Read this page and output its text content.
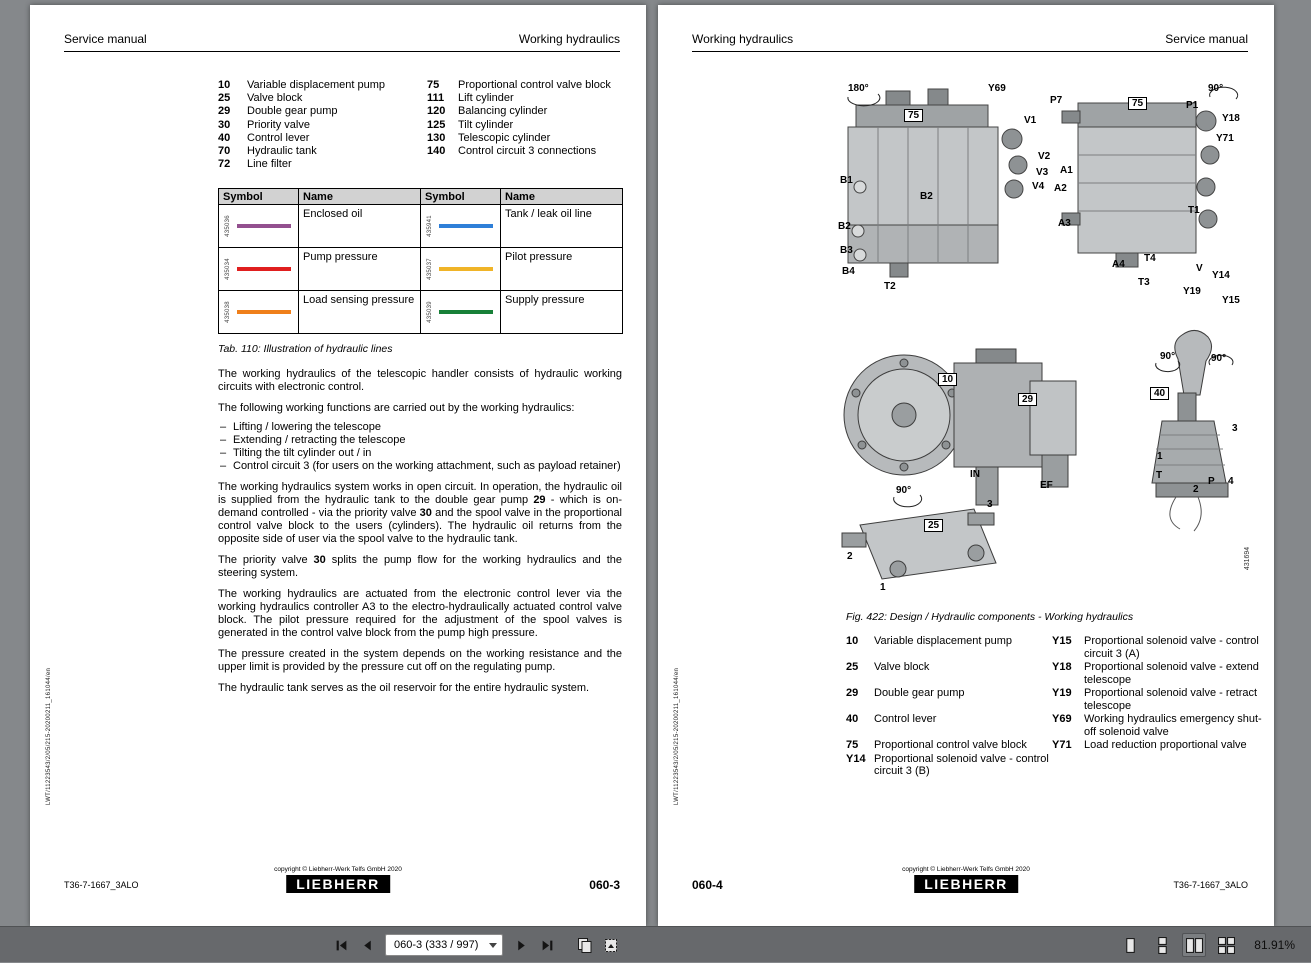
Service manual	Working hydraulics
10	Variable displacement pump	75	Proportional control valve block
25	Valve block	111	Lift cylinder
29	Double gear pump	120	Balancing cylinder
30	Priority valve	125	Tilt cylinder
40	Control lever	130	Telescopic cylinder
70	Hydraulic tank	140	Control circuit 3 connections
72	Line filter
Symbol	Name	Symbol	Name

435036	Enclosed oil	435941	Tank / leak oil line

435034	Pump pressure	435037	Pilot pressure

435038	Load sensing pressure	435039	Supply pressure
Tab. 110: Illustration of hydraulic lines

The working hydraulics of the telescopic handler consists of hydraulic working circuits with electronic control.

The following working functions are carried out by the working hydraulics:

– Lifting / lowering the telescope
– Extending / retracting the telescope
– Tilting the tilt cylinder out / in
– Control circuit 3 (for users on the working attachment, such as payload retainer)

The working hydraulics system works in open circuit. In operation, the hydraulic oil is supplied from the hydraulic tank to the double gear pump 29 - which is on-demand controlled - via the priority valve 30 and the spool valve in the proportional control valve block to the users (cylinders). The hydraulic oil returns from the opposite side of user via the spool valve to the hydraulic tank.

The priority valve 30 splits the pump flow for the working hydraulics and the steering system.

The working hydraulics are actuated from the electronic control lever via the working hydraulics controller A3 to the electro-hydraulically actuated control valve block. The pilot pressure required for the adjustment of the spool valves is generated in the control valve block from the pump high pressure.

The pressure created in the system depends on the working resistance and the upper limit is provided by the pressure cut off on the regulating pump.

The hydraulic tank serves as the oil reservoir for the entire hydraulic system.

copyright © Liebherr-Werk Telfs GmbH 2020
LIEBHERR
T36-7-1667_3ALO	060-3
LWT/11223543/2/05/215-20200211_161044/en
Working hydraulics	Service manual
180°
75
Y69
V1
V2
V3
V4
B1
B2
B2
B3
B4
T2
P7	75
90°
P1
Y18
Y71
A1
A2
A3
T1
A4
T4
T3
V
Y14
Y19
Y15
10
29
IN
EF
90°	90°
40
3
1
T
2
P 4
90°
3
25
2
1
431694
Fig. 422: Design / Hydraulic components - Working hydraulics
10	Variable displacement pump	Y15	Proportional solenoid valve - control circuit 3 (A)
25	Valve block	Y18	Proportional solenoid valve - extend telescope
29	Double gear pump	Y19	Proportional solenoid valve - retract telescope
40	Control lever	Y69	Working hydraulics emergency shut-off solenoid valve
75	Proportional control valve block	Y71	Load reduction proportional valve
Y14 Proportional solenoid valve - control circuit 3 (B)
copyright © Liebherr-Werk Telfs GmbH 2020
LIEBHERR
060-4	T36-7-1667_3ALO
LWT/11223543/2/05/215-20200211_161044/en
060-3 (333 / 997)	81.91%
